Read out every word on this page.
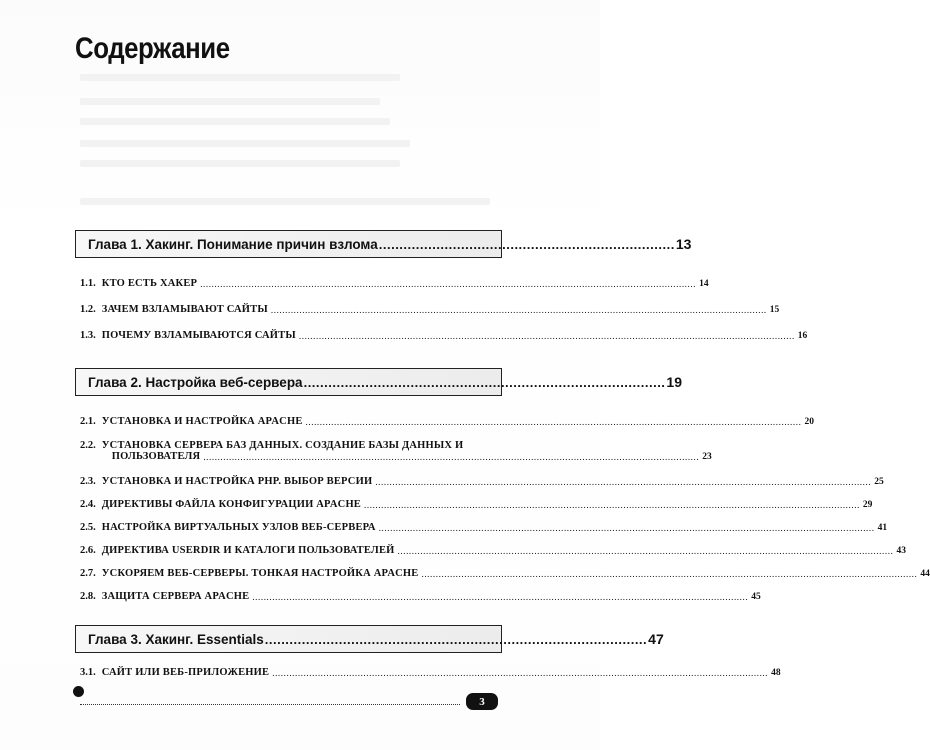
Содержание
Глава 1. Хакинг. Понимание причин взлома ........................................................................ 13
1.1. КТО ЕСТЬ ХАКЕР .............................................................................................................................................................................. 14
1.2. ЗАЧЕМ ВЗЛАМЫВАЮТ САЙТЫ .............................................................................................................................................................................. 15
1.3. ПОЧЕМУ ВЗЛАМЫВАЮТСЯ САЙТЫ .............................................................................................................................................................................. 16
Глава 2. Настройка веб-сервера ........................................................................................ 19
2.1. УСТАНОВКА И НАСТРОЙКА APACHE .............................................................................................................................................................................. 20
2.2. УСТАНОВКА СЕРВЕРА БАЗ ДАННЫХ. СОЗДАНИЕ БАЗЫ ДАННЫХ И
ПОЛЬЗОВАТЕЛЯ .............................................................................................................................................................................. 23
2.3. УСТАНОВКА И НАСТРОЙКА PHP. ВЫБОР ВЕРСИИ .............................................................................................................................................................................. 25
2.4. ДИРЕКТИВЫ ФАЙЛА КОНФИГУРАЦИИ APACHE .............................................................................................................................................................................. 29
2.5. НАСТРОЙКА ВИРТУАЛЬНЫХ УЗЛОВ ВЕБ-СЕРВЕРА .............................................................................................................................................................................. 41
2.6. ДИРЕКТИВА USERDIR И КАТАЛОГИ ПОЛЬЗОВАТЕЛЕЙ .............................................................................................................................................................................. 43
2.7. УСКОРЯЕМ ВЕБ-СЕРВЕРЫ. ТОНКАЯ НАСТРОЙКА APACHE .............................................................................................................................................................................. 44
2.8. ЗАЩИТА СЕРВЕРА APACHE .............................................................................................................................................................................. 45
Глава 3. Хакинг. Essentials ............................................................................................. 47
3.1. САЙТ ИЛИ ВЕБ-ПРИЛОЖЕНИЕ .............................................................................................................................................................................. 48
3
